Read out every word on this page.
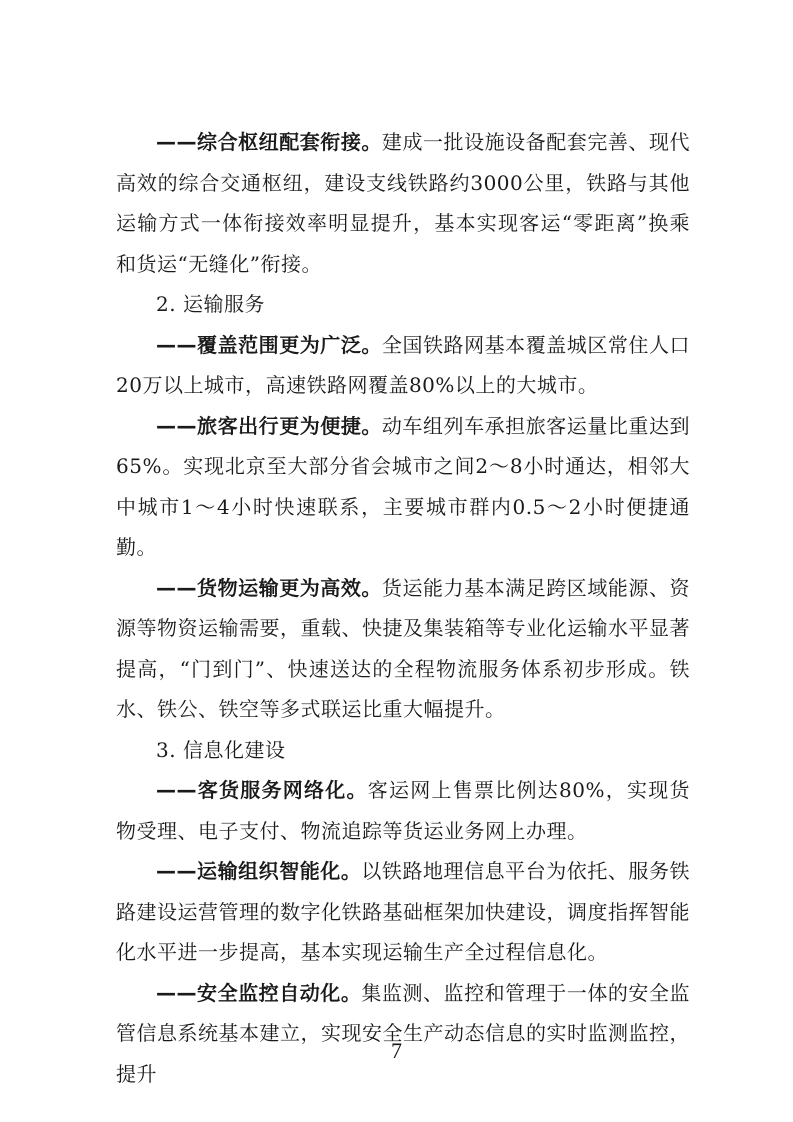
——综合枢纽配套衔接。建成一批设施设备配套完善、现代高效的综合交通枢纽，建设支线铁路约3000公里，铁路与其他运输方式一体衔接效率明显提升，基本实现客运“零距离”换乘和货运“无缝化”衔接。

2. 运输服务

——覆盖范围更为广泛。全国铁路网基本覆盖城区常住人口20万以上城市，高速铁路网覆盖80%以上的大城市。

——旅客出行更为便捷。动车组列车承担旅客运量比重达到65%。实现北京至大部分省会城市之间2～8小时通达，相邻大中城市1～4小时快速联系，主要城市群内0.5～2小时便捷通勤。

——货物运输更为高效。货运能力基本满足跨区域能源、资源等物资运输需要，重载、快捷及集装箱等专业化运输水平显著提高，“门到门”、快速送达的全程物流服务体系初步形成。铁水、铁公、铁空等多式联运比重大幅提升。

3. 信息化建设

——客货服务网络化。客运网上售票比例达80%，实现货物受理、电子支付、物流追踪等货运业务网上办理。

——运输组织智能化。以铁路地理信息平台为依托、服务铁路建设运营管理的数字化铁路基础框架加快建设，调度指挥智能化水平进一步提高，基本实现运输生产全过程信息化。

——安全监控自动化。集监测、监控和管理于一体的安全监管信息系统基本建立，实现安全生产动态信息的实时监测监控，提升

7
